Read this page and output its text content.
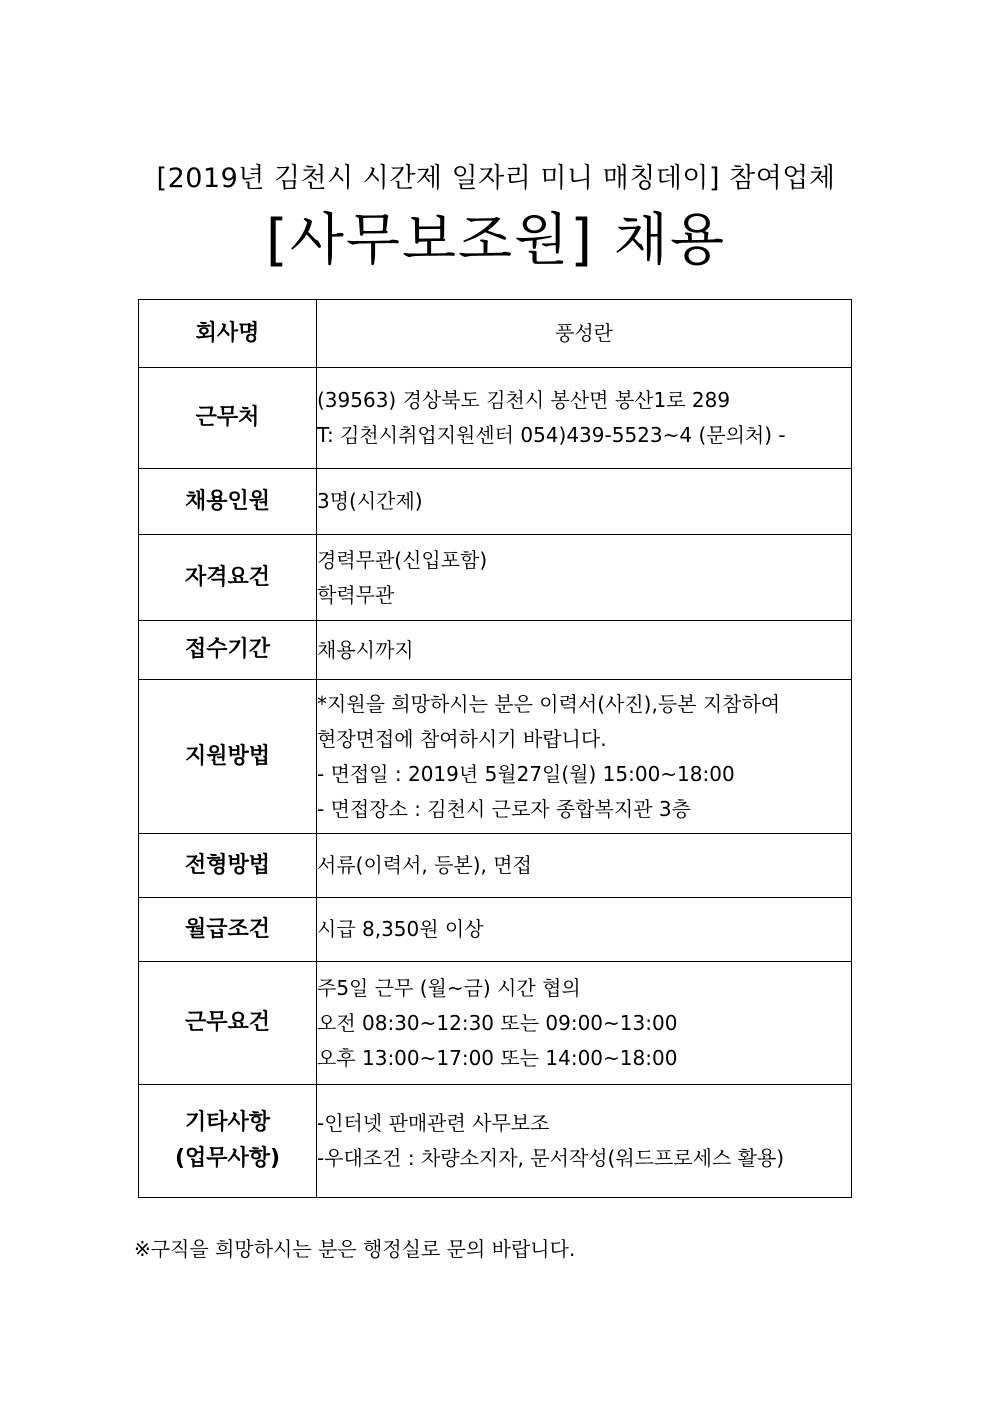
[2019년 김천시 시간제 일자리 미니 매칭데이] 참여업체
[사무보조원] 채용
회사명	풍성란
근무처	(39563) 경상북도 김천시 봉산면 봉산1로 289
T: 김천시취업지원센터 054)439-5523~4 (문의처) -

채용인원	3명(시간제)
자격요건	경력무관(신입포함)
학력무관

접수기간	채용시까지
지원방법	*지원을 희망하시는 분은 이력서(사진),등본 지참하여
현장면접에 참여하시기 바랍니다.
- 면접일 : 2019년 5월27일(월) 15:00~18:00
- 면접장소 : 김천시 근로자 종합복지관 3층

전형방법	서류(이력서, 등본), 면접
월급조건	시급 8,350원 이상
근무요건	주5일 근무 (월~금) 시간 협의
오전 08:30~12:30 또는 09:00~13:00
오후 13:00~17:00 또는 14:00~18:00

기타사항
(업무사항)	-인터넷 판매관련 사무보조
-우대조건 : 차량소지자, 문서작성(워드프로세스 활용)
※구직을 희망하시는 분은 행정실로 문의 바랍니다.
